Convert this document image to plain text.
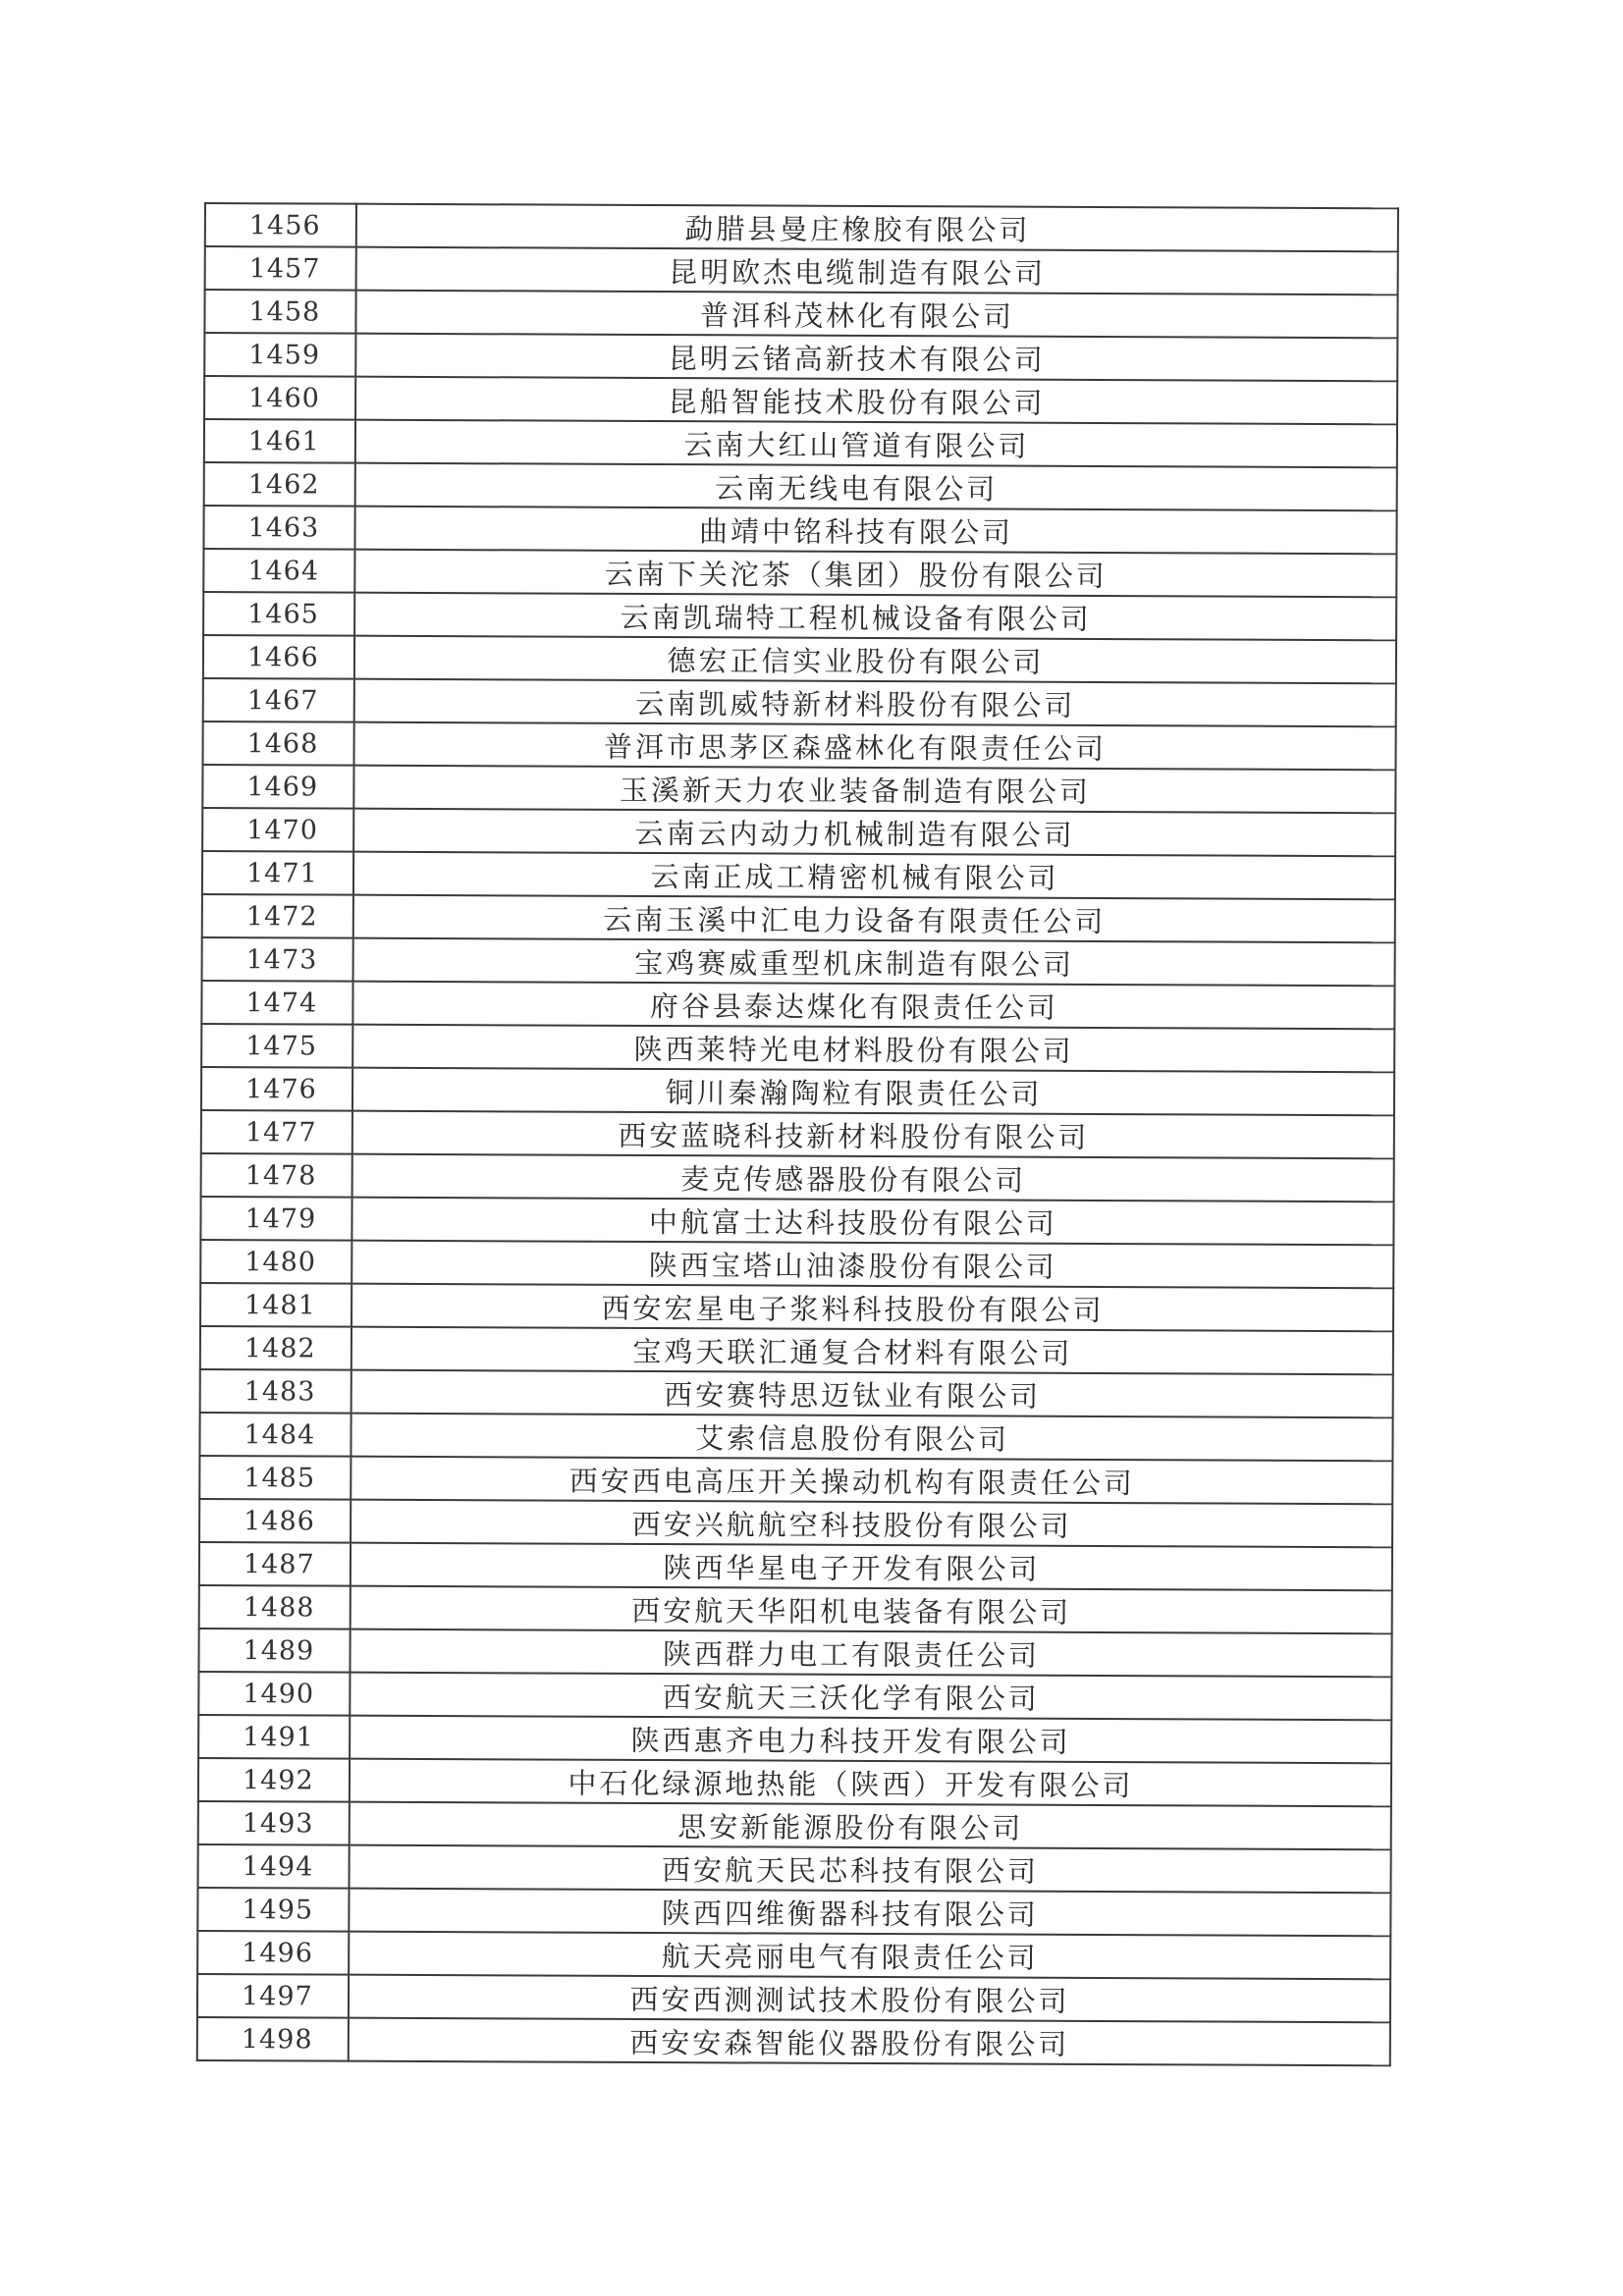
1456	勐腊县曼庄橡胶有限公司
1457	昆明欧杰电缆制造有限公司
1458	普洱科茂林化有限公司
1459	昆明云锗高新技术有限公司
1460	昆船智能技术股份有限公司
1461	云南大红山管道有限公司
1462	云南无线电有限公司
1463	曲靖中铭科技有限公司
1464	云南下关沱茶（集团）股份有限公司
1465	云南凯瑞特工程机械设备有限公司
1466	德宏正信实业股份有限公司
1467	云南凯威特新材料股份有限公司
1468	普洱市思茅区森盛林化有限责任公司
1469	玉溪新天力农业装备制造有限公司
1470	云南云内动力机械制造有限公司
1471	云南正成工精密机械有限公司
1472	云南玉溪中汇电力设备有限责任公司
1473	宝鸡赛威重型机床制造有限公司
1474	府谷县泰达煤化有限责任公司
1475	陕西莱特光电材料股份有限公司
1476	铜川秦瀚陶粒有限责任公司
1477	西安蓝晓科技新材料股份有限公司
1478	麦克传感器股份有限公司
1479	中航富士达科技股份有限公司
1480	陕西宝塔山油漆股份有限公司
1481	西安宏星电子浆料科技股份有限公司
1482	宝鸡天联汇通复合材料有限公司
1483	西安赛特思迈钛业有限公司
1484	艾索信息股份有限公司
1485	西安西电高压开关操动机构有限责任公司
1486	西安兴航航空科技股份有限公司
1487	陕西华星电子开发有限公司
1488	西安航天华阳机电装备有限公司
1489	陕西群力电工有限责任公司
1490	西安航天三沃化学有限公司
1491	陕西惠齐电力科技开发有限公司
1492	中石化绿源地热能（陕西）开发有限公司
1493	思安新能源股份有限公司
1494	西安航天民芯科技有限公司
1495	陕西四维衡器科技有限公司
1496	航天亮丽电气有限责任公司
1497	西安西测测试技术股份有限公司
1498	西安安森智能仪器股份有限公司
